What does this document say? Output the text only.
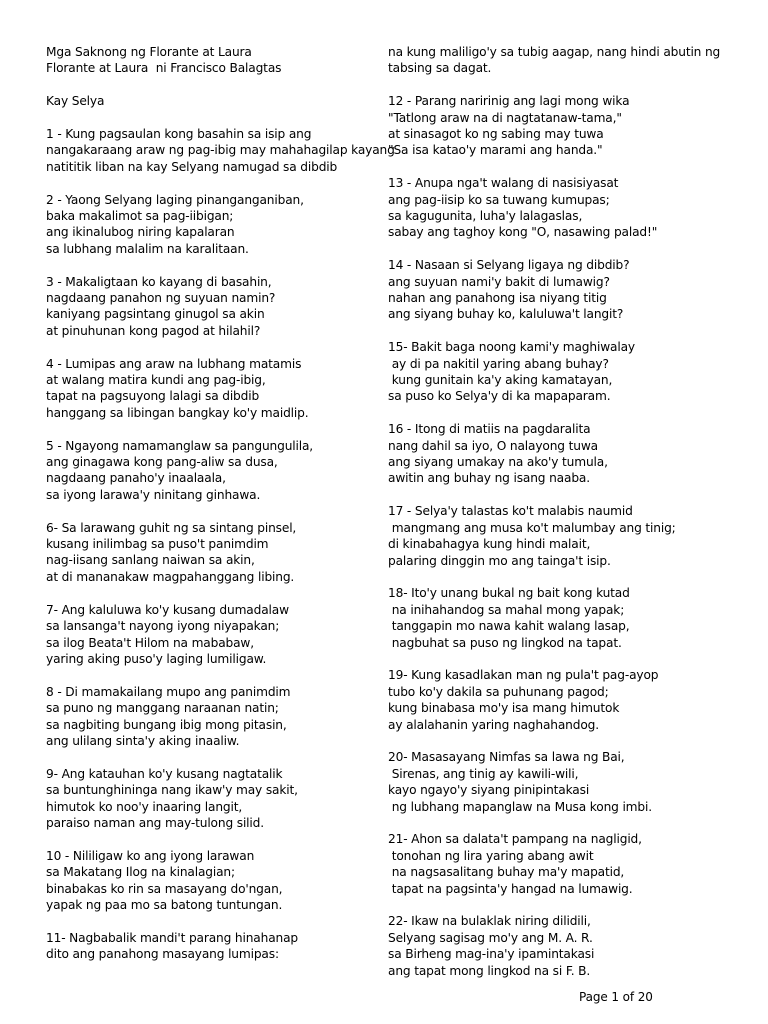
Mga Saknong ng Florante at Laura
Florante at Laura  ni Francisco Balagtas
Kay Selya
1 - Kung pagsaulan kong basahin sa isip ang
nangakaraang araw ng pag-ibig may mahahagilap kayang
natititik liban na kay Selyang namugad sa dibdib
2 - Yaong Selyang laging pinanganganiban,
baka makalimot sa pag-iibigan;
ang ikinalubog niring kapalaran
sa lubhang malalim na karalitaan.
3 - Makaligtaan ko kayang di basahin,
nagdaang panahon ng suyuan namin?
kaniyang pagsintang ginugol sa akin
at pinuhunan kong pagod at hilahil?
4 - Lumipas ang araw na lubhang matamis
at walang matira kundi ang pag-ibig,
tapat na pagsuyong lalagi sa dibdib
hanggang sa libingan bangkay ko'y maidlip.
5 - Ngayong namamanglaw sa pangungulila,
ang ginagawa kong pang-aliw sa dusa,
nagdaang panaho'y inaalaala,
sa iyong larawa'y ninitang ginhawa.
6- Sa larawang guhit ng sa sintang pinsel,
kusang inilimbag sa puso't panimdim
nag-iisang sanlang naiwan sa akin,
at di mananakaw magpahanggang libing.
7- Ang kaluluwa ko'y kusang dumadalaw
sa lansanga't nayong iyong niyapakan;
sa ilog Beata't Hilom na mababaw,
yaring aking puso'y laging lumiligaw.
8 - Di mamakailang mupo ang panimdim
sa puno ng manggang naraanan natin;
sa nagbiting bungang ibig mong pitasin,
ang ulilang sinta'y aking inaaliw.
9- Ang katauhan ko'y kusang nagtatalik
sa buntunghininga nang ikaw'y may sakit,
himutok ko noo'y inaaring langit,
paraiso naman ang may-tulong silid.
10 - Nililigaw ko ang iyong larawan
sa Makatang Ilog na kinalagian;
binabakas ko rin sa masayang do'ngan,
yapak ng paa mo sa batong tuntungan.
11- Nagbabalik mandi't parang hinahanap
dito ang panahong masayang lumipas:
na kung maliligo'y sa tubig aagap, nang hindi abutin ng
tabsing sa dagat.
12 - Parang naririnig ang lagi mong wika
"Tatlong araw na di nagtatanaw-tama,"
at sinasagot ko ng sabing may tuwa
"Sa isa katao'y marami ang handa."
13 - Anupa nga't walang di nasisiyasat
ang pag-iisip ko sa tuwang kumupas;
sa kagugunita, luha'y lalagaslas,
sabay ang taghoy kong "O, nasawing palad!"
14 - Nasaan si Selyang ligaya ng dibdib?
ang suyuan nami'y bakit di lumawig?
nahan ang panahong isa niyang titig
ang siyang buhay ko, kaluluwa't langit?
15- Bakit baga noong kami'y maghiwalay
ay di pa nakitil yaring abang buhay?
kung gunitain ka'y aking kamatayan,
sa puso ko Selya'y di ka mapaparam.
16 - Itong di matiis na pagdaralita
nang dahil sa iyo, O nalayong tuwa
ang siyang umakay na ako'y tumula,
awitin ang buhay ng isang naaba.
17 - Selya'y talastas ko't malabis naumid
mangmang ang musa ko't malumbay ang tinig;
di kinabahagya kung hindi malait,
palaring dinggin mo ang tainga't isip.
18- Ito'y unang bukal ng bait kong kutad
na inihahandog sa mahal mong yapak;
tanggapin mo nawa kahit walang lasap,
nagbuhat sa puso ng lingkod na tapat.
19- Kung kasadlakan man ng pula't pag-ayop
tubo ko'y dakila sa puhunang pagod;
kung binabasa mo'y isa mang himutok
ay alalahanin yaring naghahandog.
20- Masasayang Nimfas sa lawa ng Bai,
Sirenas, ang tinig ay kawili-wili,
kayo ngayo'y siyang pinipintakasi
ng lubhang mapanglaw na Musa kong imbi.
21- Ahon sa dalata't pampang na nagligid,
tonohan ng lira yaring abang awit
na nagsasalitang buhay ma'y mapatid,
tapat na pagsinta'y hangad na lumawig.
22- Ikaw na bulaklak niring dilidili,
Selyang sagisag mo'y ang M. A. R.
sa Birheng mag-ina'y ipamintakasi
ang tapat mong lingkod na si F. B.
Page 1 of 20
